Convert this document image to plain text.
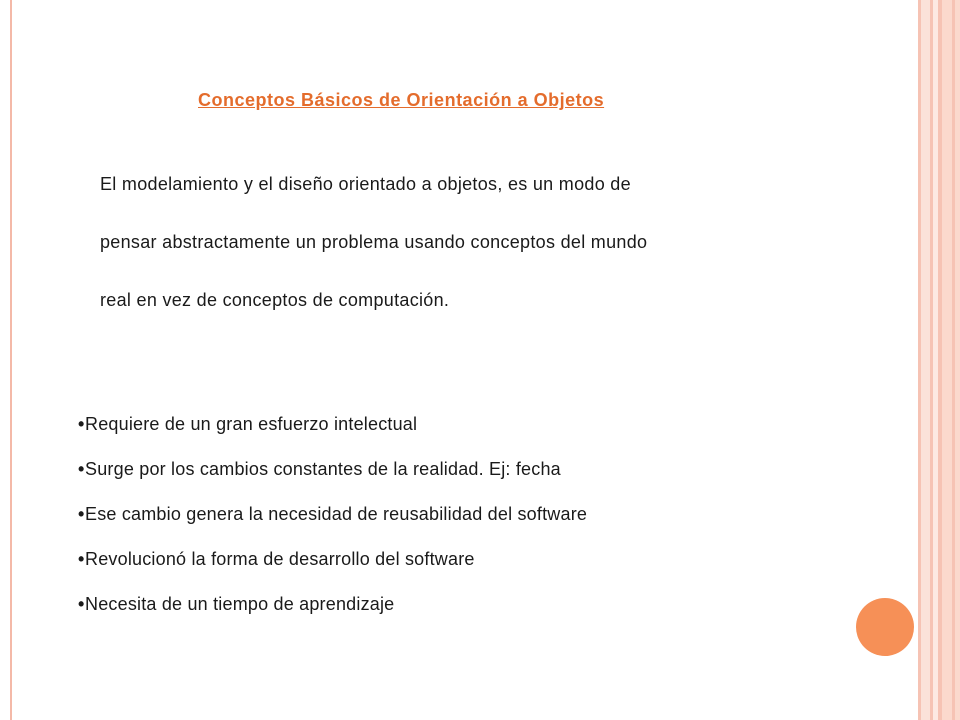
Conceptos Básicos de Orientación a Objetos
El modelamiento y el diseño orientado a objetos, es un modo de
pensar abstractamente un problema usando conceptos del mundo
real en vez de conceptos de computación.
•Requiere de un gran esfuerzo intelectual
•Surge por los cambios constantes de la realidad. Ej: fecha
•Ese cambio genera la necesidad de reusabilidad del software
•Revolucionó la forma de desarrollo del software
•Necesita de un tiempo de aprendizaje
